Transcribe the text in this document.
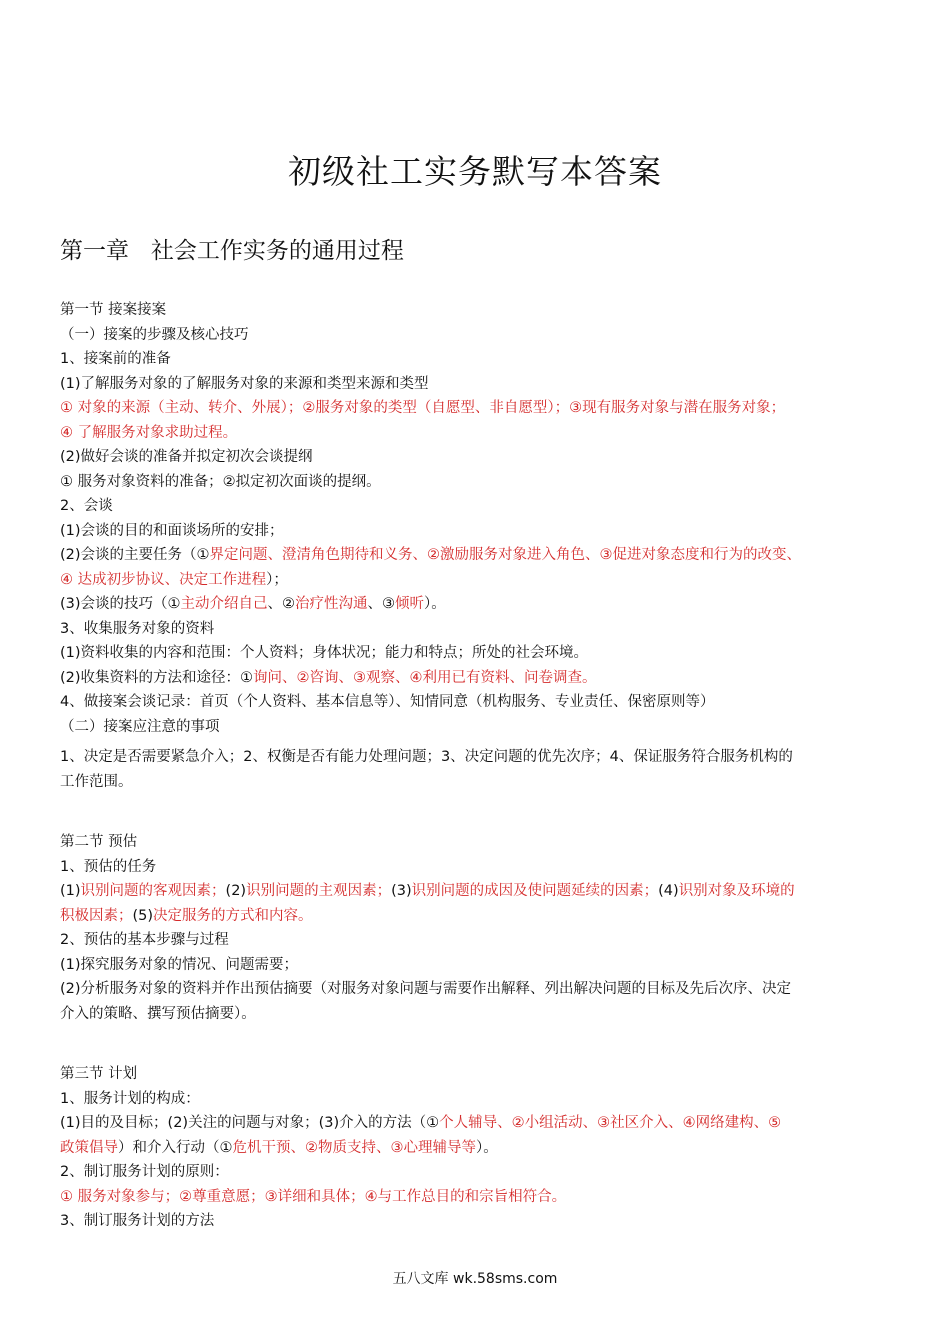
初级社工实务默写本答案
第一章   社会工作实务的通用过程
第一节 接案接案
（一）接案的步骤及核心技巧
1、接案前的准备
(1)了解服务对象的了解服务对象的来源和类型来源和类型
① 对象的来源（主动、转介、外展）；②服务对象的类型（自愿型、非自愿型）；③现有服务对象与潜在服务对象；
④ 了解服务对象求助过程。
(2)做好会谈的准备并拟定初次会谈提纲
① 服务对象资料的准备；②拟定初次面谈的提纲。
2、会谈
(1)会谈的目的和面谈场所的安排；
(2)会谈的主要任务（①界定问题、澄清角色期待和义务、②激励服务对象进入角色、③促进对象态度和行为的改变、
④ 达成初步协议、决定工作进程）；
(3)会谈的技巧（①主动介绍自己、②治疗性沟通、③倾听）。
3、收集服务对象的资料
(1)资料收集的内容和范围：个人资料；身体状况；能力和特点；所处的社会环境。
(2)收集资料的方法和途径：①询问、②咨询、③观察、④利用已有资料、问卷调查。
4、做接案会谈记录：首页（个人资料、基本信息等）、知情同意（机构服务、专业责任、保密原则等）
（二）接案应注意的事项
1、决定是否需要紧急介入；2、权衡是否有能力处理问题；3、决定问题的优先次序；4、保证服务符合服务机构的
工作范围。
第二节 预估
1、预估的任务
(1)识别问题的客观因素；(2)识别问题的主观因素；(3)识别问题的成因及使问题延续的因素；(4)识别对象及环境的
积极因素；(5)决定服务的方式和内容。
2、预估的基本步骤与过程
(1)探究服务对象的情况、问题需要；
(2)分析服务对象的资料并作出预估摘要（对服务对象问题与需要作出解释、列出解决问题的目标及先后次序、决定
介入的策略、撰写预估摘要）。
第三节 计划
1、服务计划的构成：
(1)目的及目标；(2)关注的问题与对象；(3)介入的方法（①个人辅导、②小组活动、③社区介入、④网络建构、⑤
政策倡导）和介入行动（①危机干预、②物质支持、③心理辅导等）。
2、制订服务计划的原则：
① 服务对象参与；②尊重意愿；③详细和具体；④与工作总目的和宗旨相符合。
3、制订服务计划的方法
五八文库 wk.58sms.com
